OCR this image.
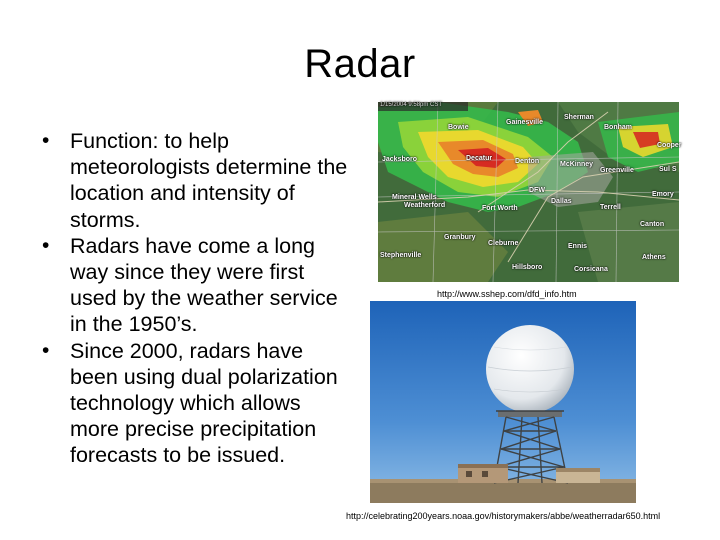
Radar
• Function: to help meteorologists determine the location and intensity of storms.
• Radars have come a long way since they were first used by the weather service in the 1950’s.
• Since 2000, radars have been using dual polarization technology which allows more precise precipitation forecasts to be issued.
1/15/2004 9:58pm CST
Bowie
Gainesville
Sherman
Bonham
Cooper
Jacksboro	Decatur	Denton	McKinney
Greenville	Sul S
Emory
Mineral Wells
Weatherford	Fort Worth
DFW
Dallas
Terrell
Canton
Granbury
Cleburne	Ennis
Athens
Stephenville
Hillsboro	Corsicana
http://www.sshep.com/dfd_info.htm
http://celebrating200years.noaa.gov/historymakers/abbe/weatherradar650.html
